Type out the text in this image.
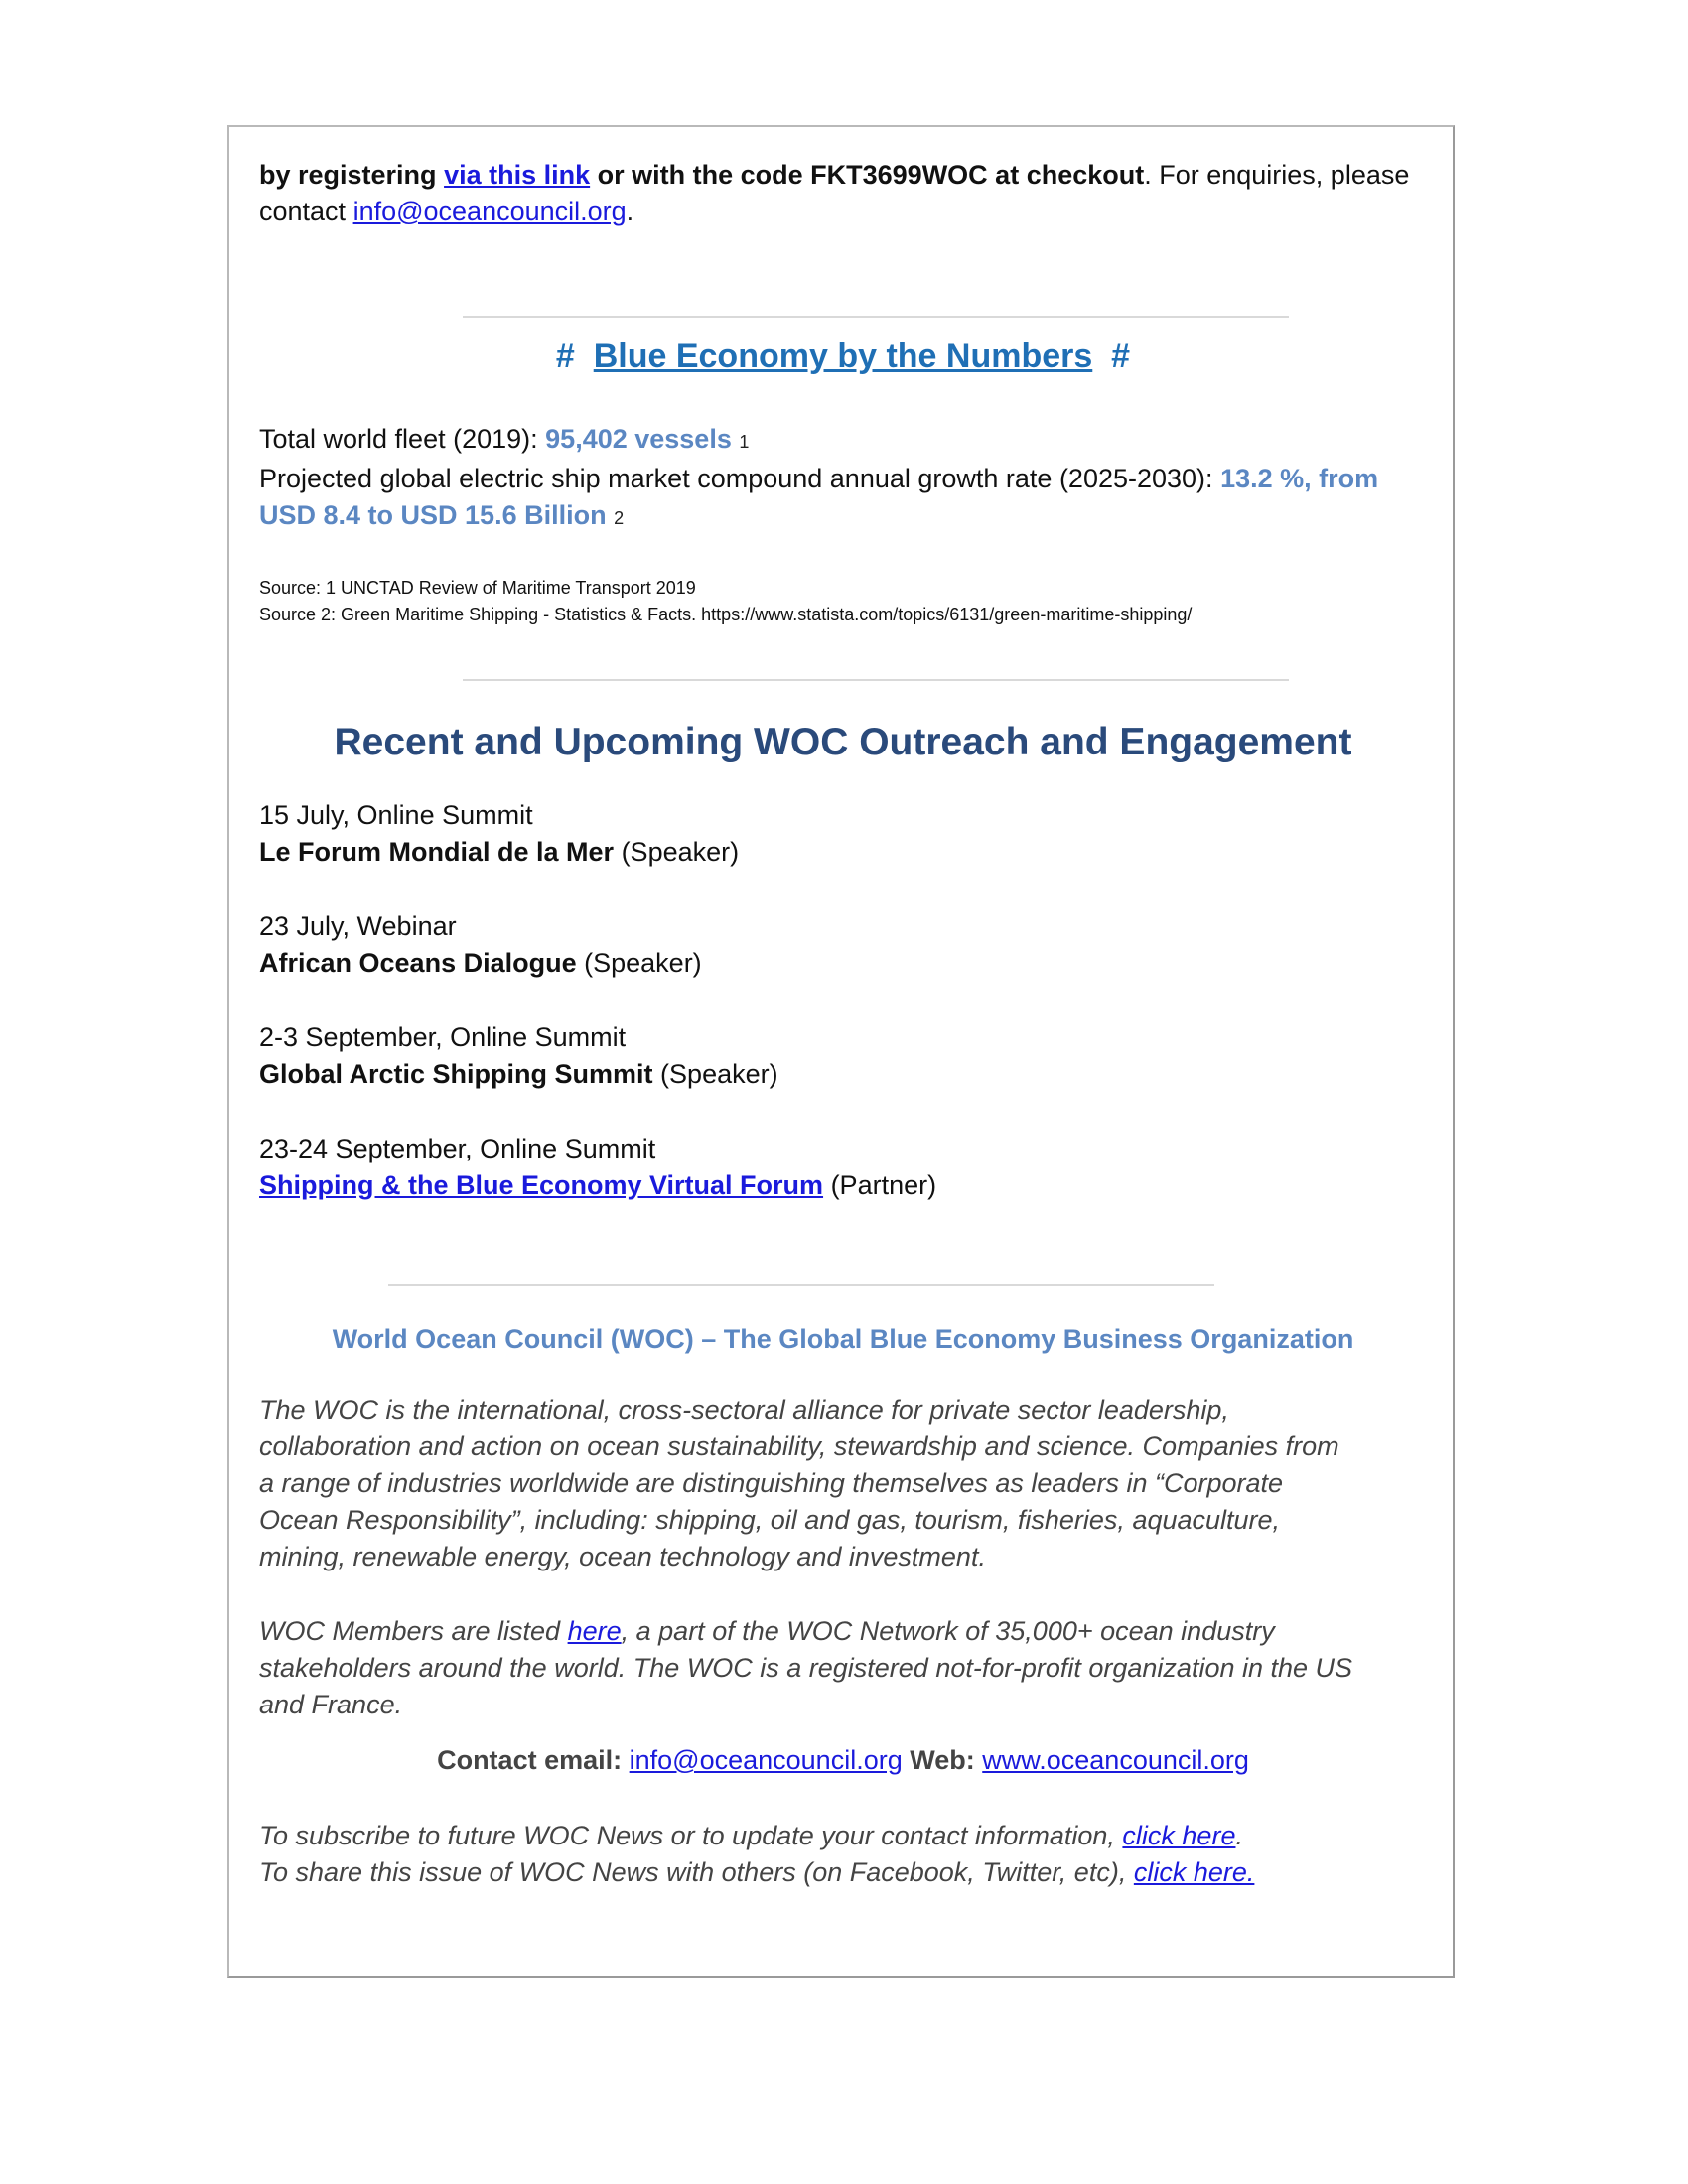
by registering via this link or with the code FKT3699WOC at checkout. For enquiries, please
contact info@oceancouncil.org.

# Blue Economy by the Numbers #

Total world fleet (2019): 95,402 vessels 1
Projected global electric ship market compound annual growth rate (2025-2030): 13.2 %, from
USD 8.4 to USD 15.6 Billion 2

Source: 1 UNCTAD Review of Maritime Transport 2019
Source 2: Green Maritime Shipping - Statistics & Facts. https://www.statista.com/topics/6131/green-maritime-shipping/

Recent and Upcoming WOC Outreach and Engagement
15 July, Online Summit
Le Forum Mondial de la Mer (Speaker)
23 July, Webinar
African Oceans Dialogue (Speaker)
2-3 September, Online Summit
Global Arctic Shipping Summit (Speaker)
23-24 September, Online Summit
Shipping & the Blue Economy Virtual Forum (Partner)
World Ocean Council (WOC) – The Global Blue Economy Business Organization

The WOC is the international, cross-sectoral alliance for private sector leadership, collaboration and action on ocean sustainability, stewardship and science. Companies from a range of industries worldwide are distinguishing themselves as leaders in “Corporate Ocean Responsibility”, including: shipping, oil and gas, tourism, fisheries, aquaculture, mining, renewable energy, ocean technology and investment.

WOC Members are listed here, a part of the WOC Network of 35,000+ ocean industry stakeholders around the world. The WOC is a registered not-for-profit organization in the US and France.

Contact email: info@oceancouncil.org Web: www.oceancouncil.org

To subscribe to future WOC News or to update your contact information, click here.
To share this issue of WOC News with others (on Facebook, Twitter, etc), click here.
